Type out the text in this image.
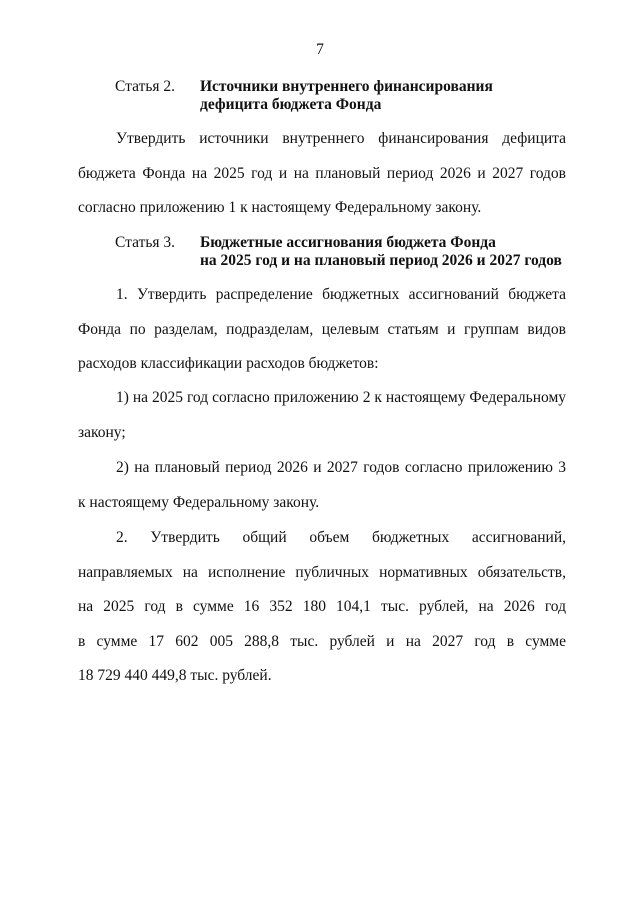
7
Статья 2.	Источники внутреннего финансирования
дефицита бюджета Фонда
Утвердить источники внутреннего финансирования дефицита
бюджета Фонда на 2025 год и на плановый период 2026 и 2027 годов
согласно приложению 1 к настоящему Федеральному закону.
Статья 3.	Бюджетные ассигнования бюджета Фонда
на 2025 год и на плановый период 2026 и 2027 годов
1. Утвердить распределение бюджетных ассигнований бюджета
Фонда по разделам, подразделам, целевым статьям и группам видов
расходов классификации расходов бюджетов:
1) на 2025 год согласно приложению 2 к настоящему Федеральному
закону;
2) на плановый период 2026 и 2027 годов согласно приложению 3
к настоящему Федеральному закону.
2. Утвердить общий объем бюджетных ассигнований,
направляемых на исполнение публичных нормативных обязательств,
на 2025 год в сумме 16 352 180 104,1 тыс. рублей, на 2026 год
в сумме 17 602 005 288,8 тыс. рублей и на 2027 год в сумме
18 729 440 449,8 тыс. рублей.
